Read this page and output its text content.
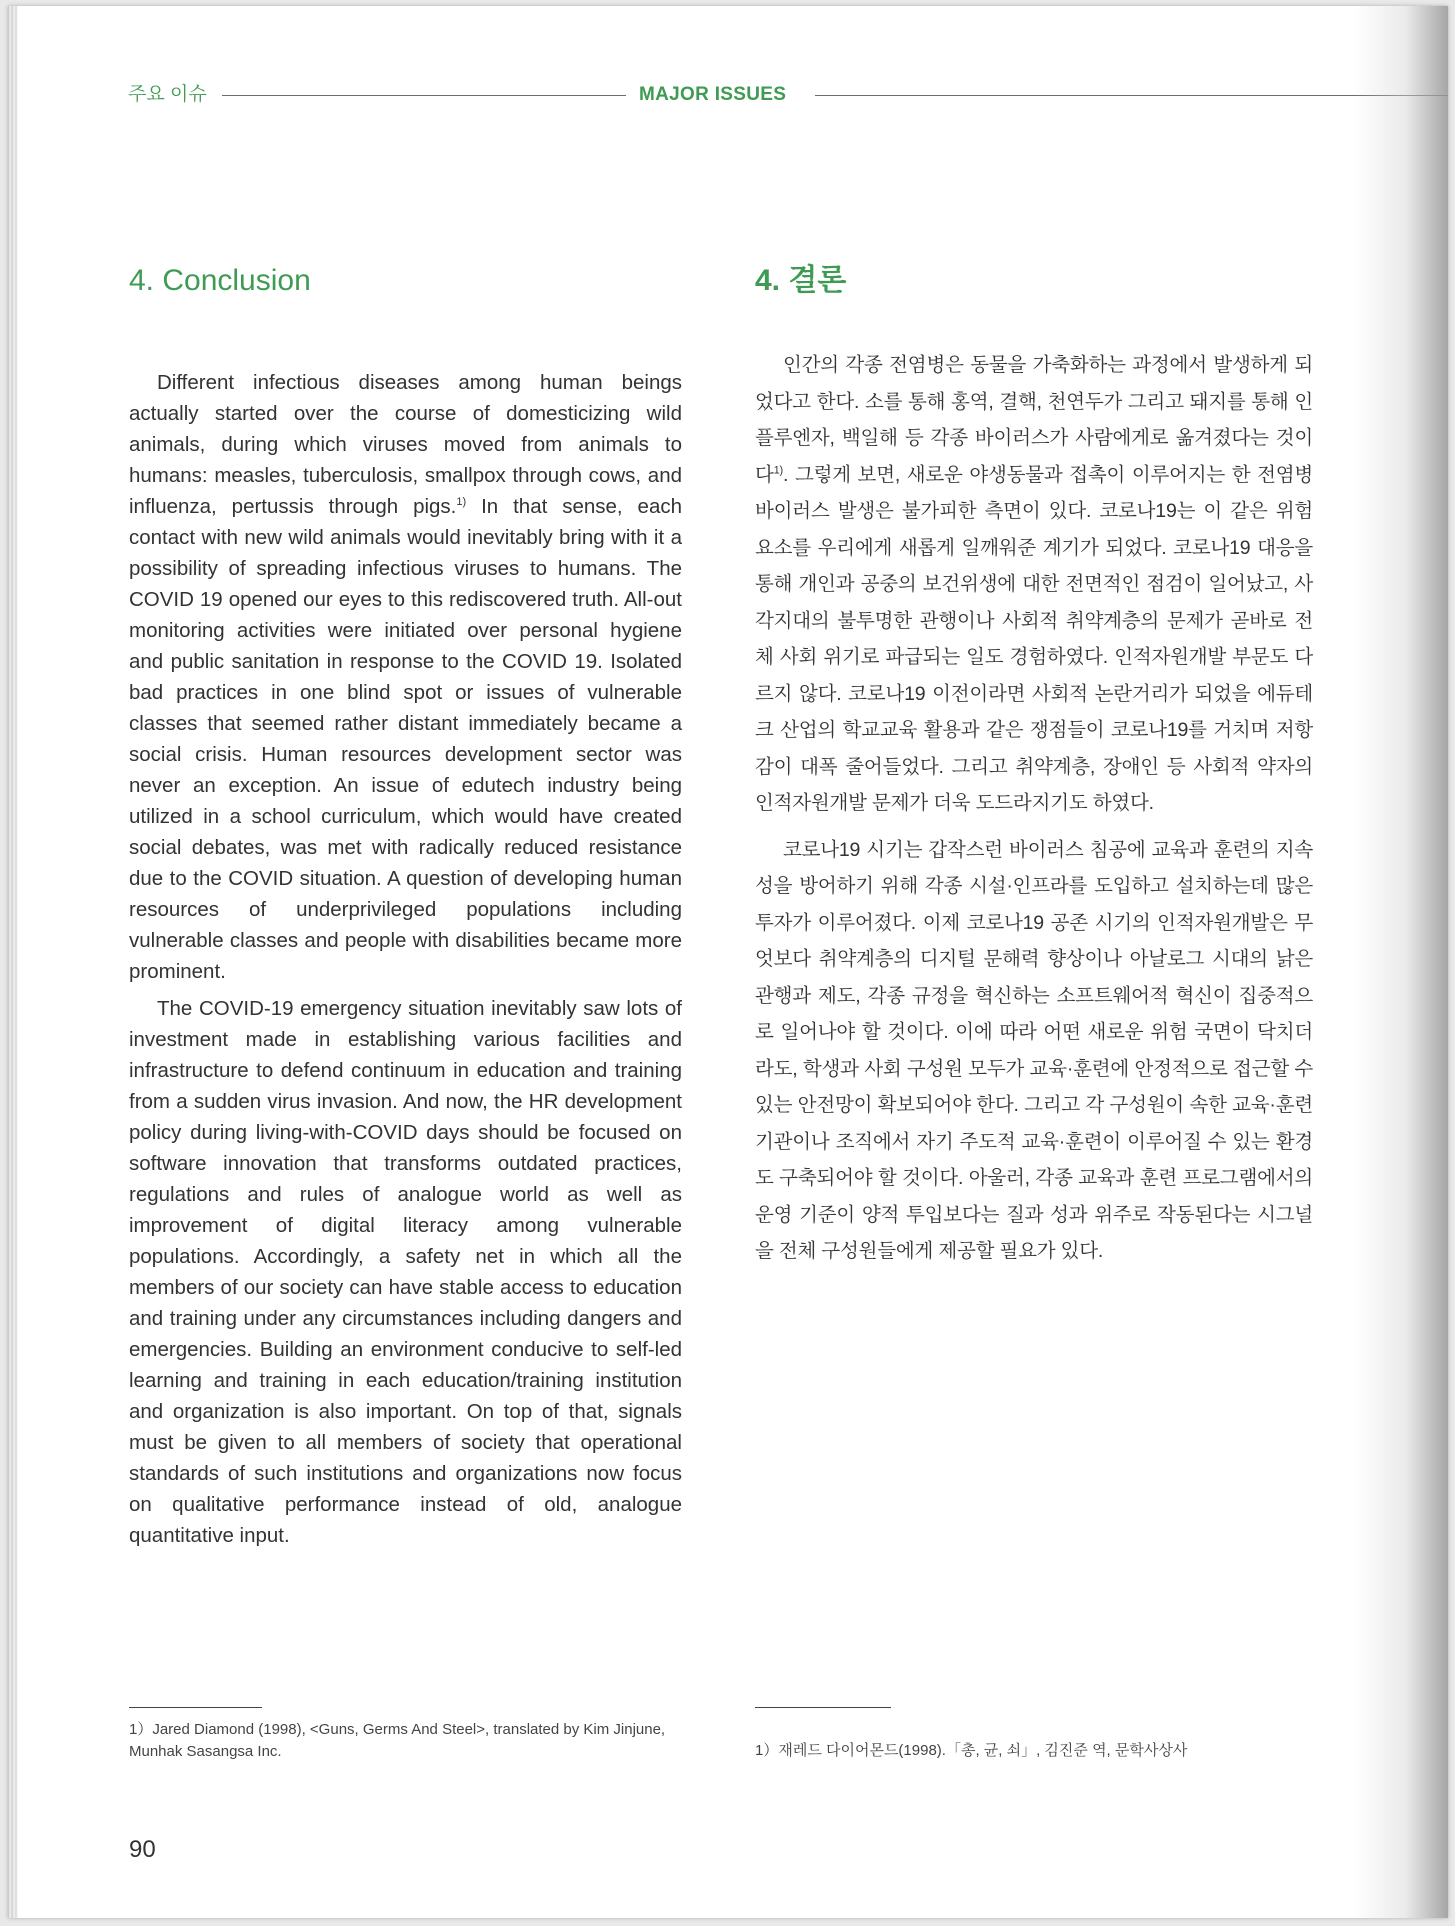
주요 이슈	MAJOR ISSUES
4. Conclusion	4. 결론

Different infectious diseases among human beings actually started over the course of domesticizing wild animals, during which viruses moved from animals to humans: measles, tuberculosis, smallpox through cows, and influenza, pertussis through pigs.$^{1)}$ In that sense, each contact with new wild animals would inevitably bring with it a possibility of spreading infectious viruses to humans. The COVID 19 opened our eyes to this rediscovered truth. All-out monitoring activities were initiated over personal hygiene and public sanitation in response to the COVID 19. Isolated bad practices in one blind spot or issues of vulnerable classes that seemed rather distant immediately became a social crisis. Human resources development sector was never an exception. An issue of edutech industry being utilized in a school curriculum, which would have created social debates, was met with radically reduced resistance due to the COVID situation. A question of developing human resources of underprivileged populations including vulnerable classes and people with disabilities became more prominent.

The COVID-19 emergency situation inevitably saw lots of investment made in establishing various facilities and infrastructure to defend continuum in education and training from a sudden virus invasion. And now, the HR development policy during living-with-COVID days should be focused on software innovation that transforms outdated practices, regulations and rules of analogue world as well as improvement of digital literacy among vulnerable populations. Accordingly, a safety net in which all the members of our society can have stable access to education and training under any circumstances including dangers and emergencies. Building an environment conducive to self-led learning and training in each education/training institution and organization is also important. On top of that, signals must be given to all members of society that operational standards of such institutions and organizations now focus on qualitative performance instead of old, analogue quantitative input.

인간의 각종 전염병은 동물을 가축화하는 과정에서 발생하게 되었다고 한다. 소를 통해 홍역, 결핵, 천연두가 그리고 돼지를 통해 인플루엔자, 백일해 등 각종 바이러스가 사람에게로 옮겨졌다는 것이다$^{1)}$. 그렇게 보면, 새로운 야생동물과 접촉이 이루어지는 한 전염병 바이러스 발생은 불가피한 측면이 있다. 코로나19는 이 같은 위험 요소를 우리에게 새롭게 일깨워준 계기가 되었다. 코로나19 대응을 통해 개인과 공중의 보건위생에 대한 전면적인 점검이 일어났고, 사각지대의 불투명한 관행이나 사회적 취약계층의 문제가 곧바로 전체 사회 위기로 파급되는 일도 경험하였다. 인적자원개발 부문도 다르지 않다. 코로나19 이전이라면 사회적 논란거리가 되었을 에듀테크 산업의 학교교육 활용과 같은 쟁점들이 코로나19를 거치며 저항감이 대폭 줄어들었다. 그리고 취약계층, 장애인 등 사회적 약자의 인적자원개발 문제가 더욱 도드라지기도 하였다.

코로나19 시기는 갑작스런 바이러스 침공에 교육과 훈련의 지속성을 방어하기 위해 각종 시설·인프라를 도입하고 설치하는데 많은 투자가 이루어졌다. 이제 코로나19 공존 시기의 인적자원개발은 무엇보다 취약계층의 디지털 문해력 향상이나 아날로그 시대의 낡은 관행과 제도, 각종 규정을 혁신하는 소프트웨어적 혁신이 집중적으로 일어나야 할 것이다. 이에 따라 어떤 새로운 위험 국면이 닥치더라도, 학생과 사회 구성원 모두가 교육·훈련에 안정적으로 접근할 수 있는 안전망이 확보되어야 한다. 그리고 각 구성원이 속한 교육·훈련 기관이나 조직에서 자기 주도적 교육·훈련이 이루어질 수 있는 환경도 구축되어야 할 것이다. 아울러, 각종 교육과 훈련 프로그램에서의 운영 기준이 양적 투입보다는 질과 성과 위주로 작동된다는 시그널을 전체 구성원들에게 제공할 필요가 있다.

1）Jared Diamond (1998), <Guns, Germs And Steel>, translated by Kim Jinjune, Munhak Sasangsa Inc.	1）재레드 다이어몬드(1998).「총, 균, 쇠」, 김진준 역, 문학사상사
90
